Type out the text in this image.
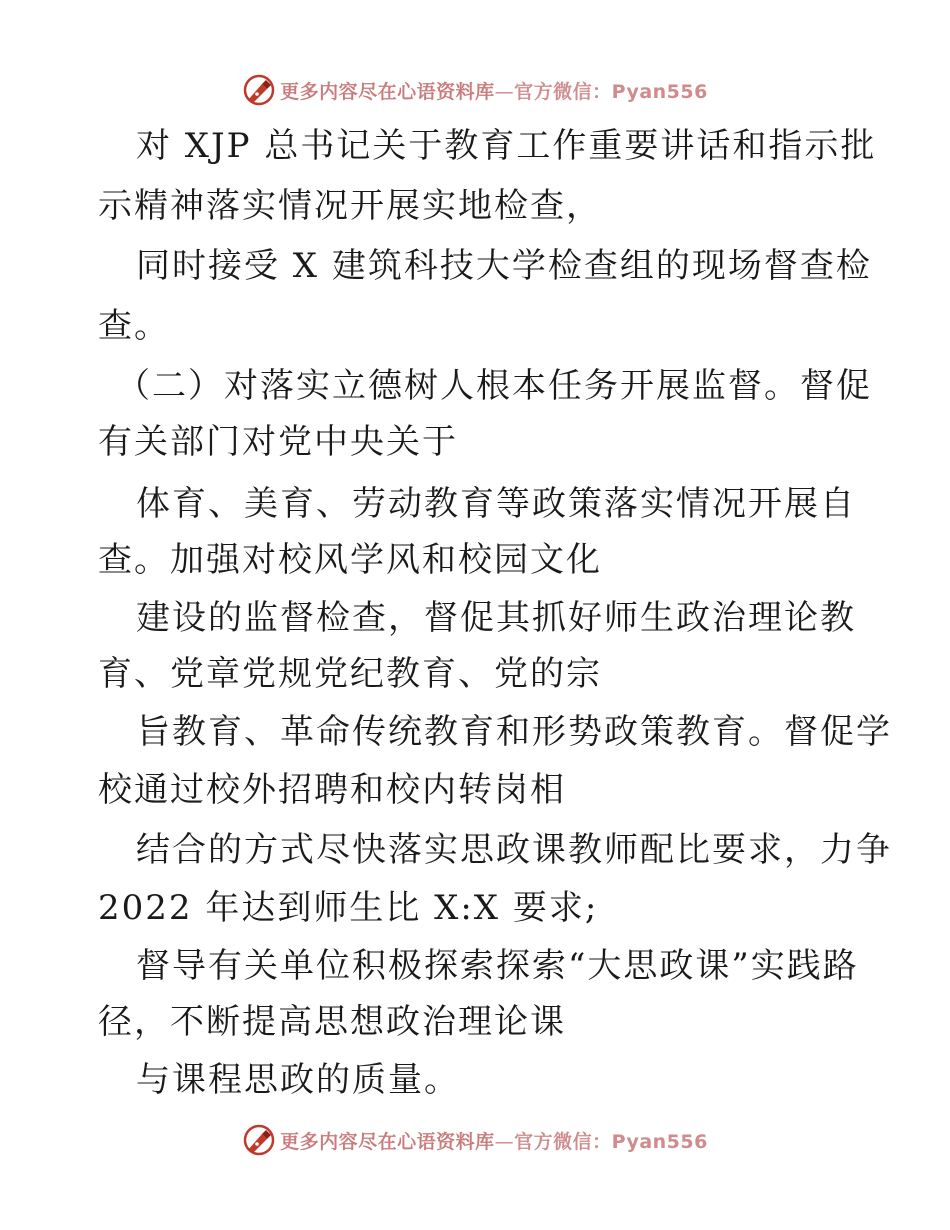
更多内容尽在心语资料库—官方微信：Pyan556
对 XJP 总书记关于教育工作重要讲话和指示批
示精神落实情况开展实地检查，
同时接受 X 建筑科技大学检查组的现场督查检
查。
（二）对落实立德树人根本任务开展监督。督促
有关部门对党中央关于
体育、美育、劳动教育等政策落实情况开展自
查。加强对校风学风和校园文化
建设的监督检查，督促其抓好师生政治理论教
育、党章党规党纪教育、党的宗
旨教育、革命传统教育和形势政策教育。督促学
校通过校外招聘和校内转岗相
结合的方式尽快落实思政课教师配比要求，力争
2022 年达到师生比 X:X 要求;
督导有关单位积极探索探索“大思政课”实践路
径，不断提高思想政治理论课
与课程思政的质量。
更多内容尽在心语资料库—官方微信：Pyan556
